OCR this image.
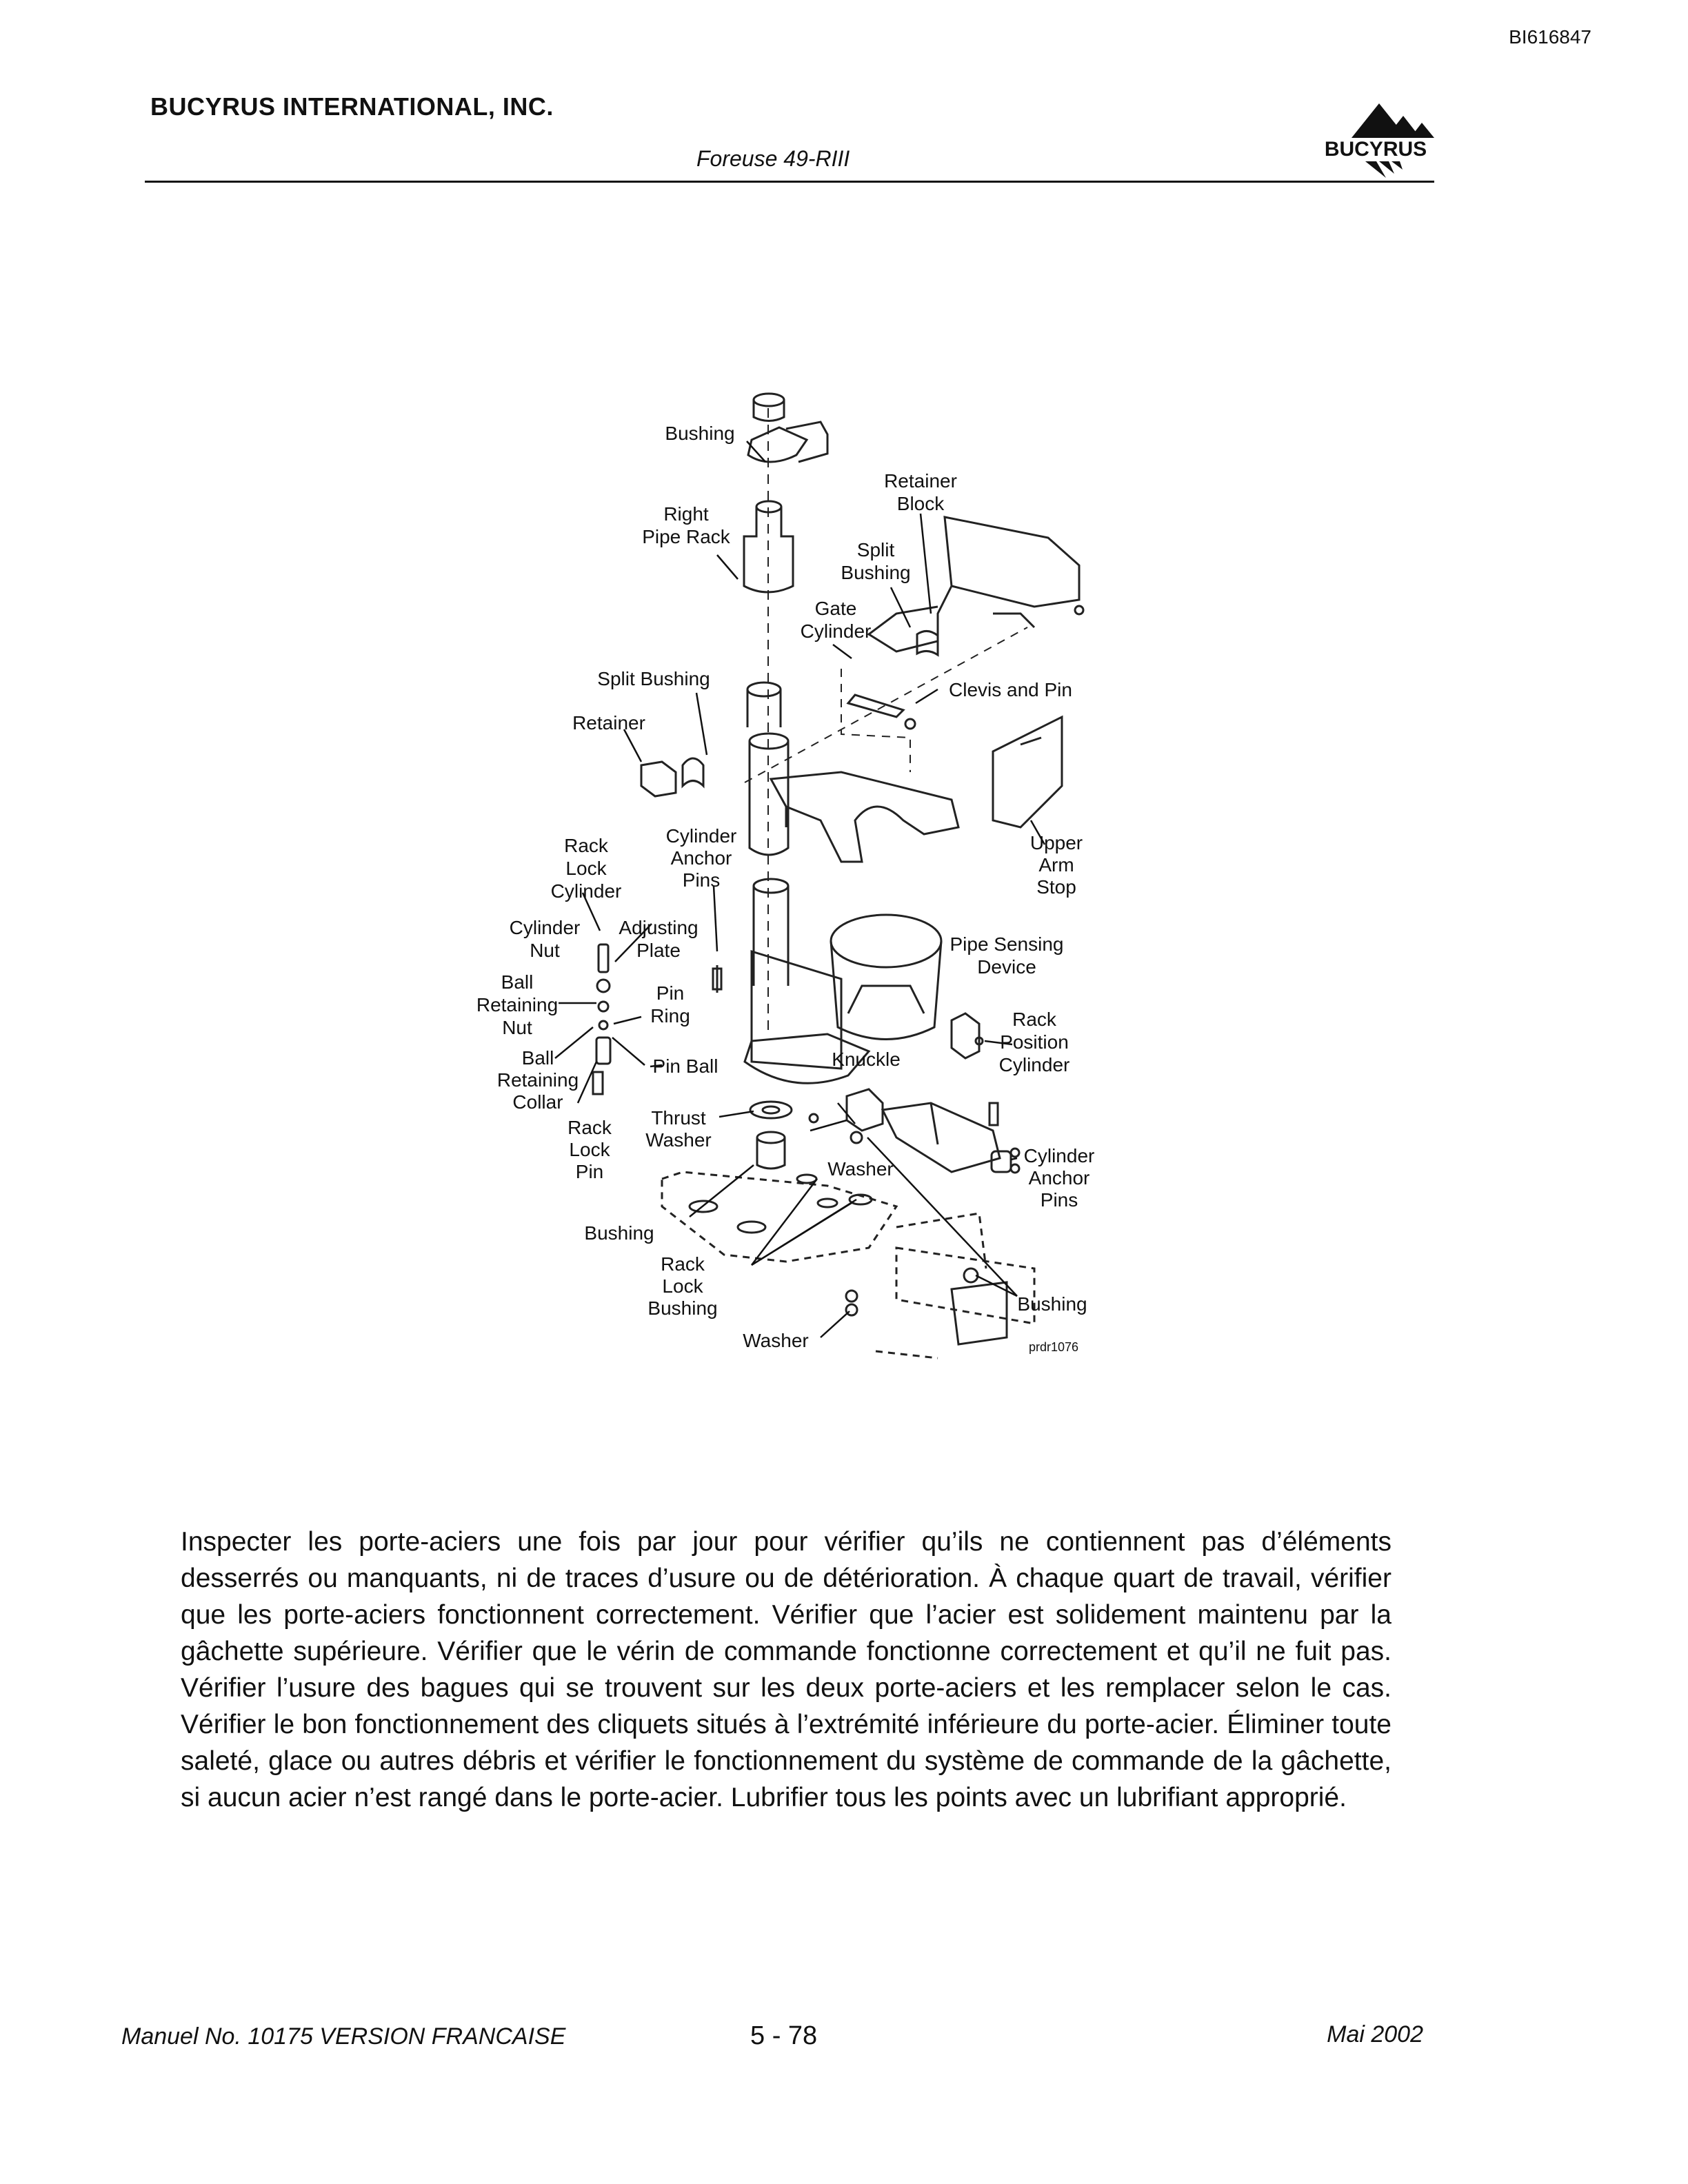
BI616847
BUCYRUS INTERNATIONAL, INC.
Foreuse 49-RIII	BUCYRUS
Bushing
Right
Pipe Rack
Retainer
Block
Split
Bushing
Gate
Cylinder
Split Bushing
Clevis and Pin
Retainer
Rack
Lock
Cylinder
Cylinder
Anchor
Pins
Upper
Arm
Stop
Cylinder
Nut
Adjusting
Plate	Pipe Sensing
Device
Ball
Retaining
Nut
Pin
Ring	Rack
Position
Cylinder
Ball
Retaining
Collar
Pin Ball	Knuckle
Rack
Lock
Pin
Thrust
Washer
Washer
Cylinder
Anchor
Pins
Bushing
Rack
Lock
Bushing	Bushing
Washer	prdr1076

Inspecter les porte-aciers une fois par jour pour vérifier qu’ils ne contiennent pas d’éléments desserrés ou manquants, ni de traces d’usure ou de détérioration. À chaque quart de travail, vérifier que les porte-aciers fonctionnent correctement. Vérifier que l’acier est solidement maintenu par la gâchette supérieure. Vérifier que le vérin de commande fonctionne correctement et qu’il ne fuit pas. Vérifier l’usure des bagues qui se trouvent sur les deux porte-aciers et les remplacer selon le cas. Vérifier le bon fonctionnement des cliquets situés à l’extrémité inférieure du porte-acier. Éliminer toute saleté, glace ou autres débris et vérifier le fonctionnement du système de commande de la gâchette, si aucun acier n’est rangé dans le porte-acier. Lubrifier tous les points avec un lubrifiant approprié.

Manuel No. 10175 VERSION FRANCAISE	5 - 78	Mai 2002
